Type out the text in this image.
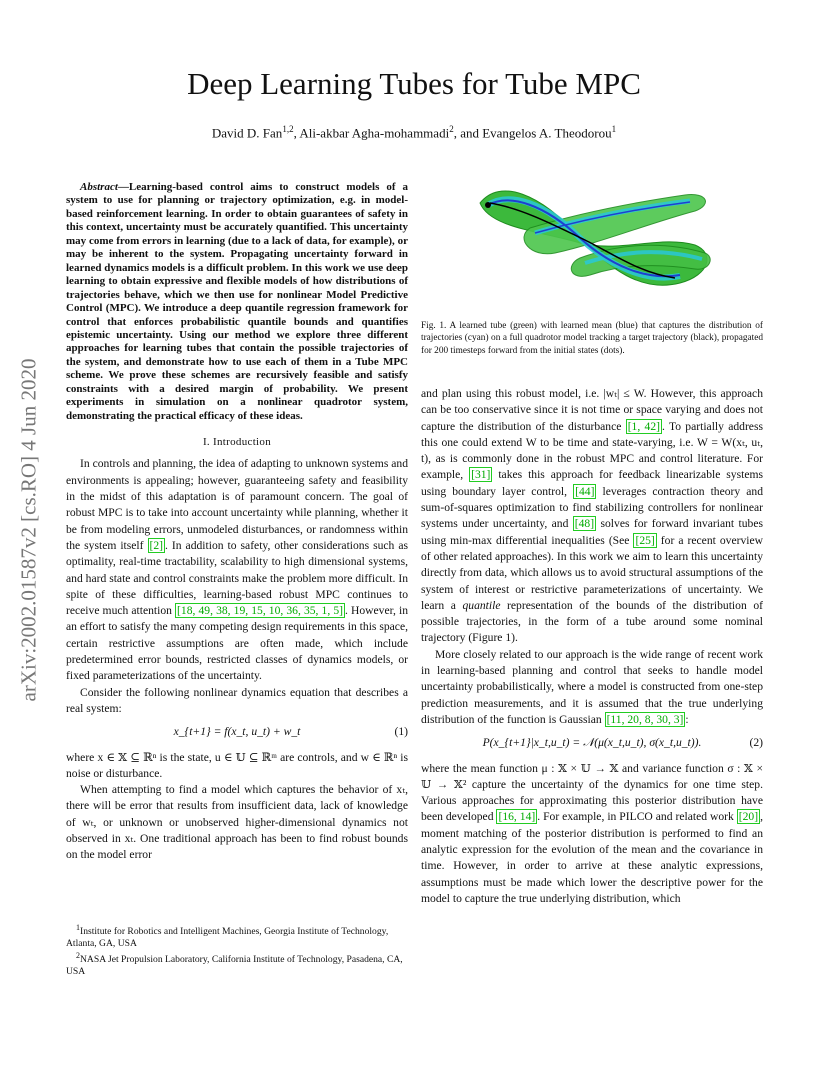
Deep Learning Tubes for Tube MPC
David D. Fan$^{1,2}$, Ali-akbar Agha-mohammadi$^2$, and Evangelos A. Theodorou$^1$
arXiv:2002.01587v2 [cs.RO] 4 Jun 2020

Abstract—Learning-based control aims to construct models of a system to use for planning or trajectory optimization, e.g. in model-based reinforcement learning. In order to obtain guarantees of safety in this context, uncertainty must be accurately quantified. This uncertainty may come from errors in learning (due to a lack of data, for example), or may be inherent to the system. Propagating uncertainty forward in learned dynamics models is a difficult problem. In this work we use deep learning to obtain expressive and flexible models of how distributions of trajectories behave, which we then use for nonlinear Model Predictive Control (MPC). We introduce a deep quantile regression framework for control that enforces probabilistic quantile bounds and quantifies epistemic uncertainty. Using our method we explore three different approaches for learning tubes that contain the possible trajectories of the system, and demonstrate how to use each of them in a Tube MPC scheme. We prove these schemes are recursively feasible and satisfy constraints with a desired margin of probability. We present experiments in simulation on a nonlinear quadrotor system, demonstrating the practical efficacy of these ideas.

I. Introduction

In controls and planning, the idea of adapting to unknown systems and environments is appealing; however, guaranteeing safety and feasibility in the midst of this adaptation is of paramount concern. The goal of robust MPC is to take into account uncertainty while planning, whether it be from modeling errors, unmodeled disturbances, or randomness within the system itself [2] . In addition to safety, other considerations such as optimality, real-time tractability, scalability to high dimensional systems, and hard state and control constraints make the problem more difficult. In spite of these difficulties, learning-based robust MPC continues to receive much attention [18, 49, 38, 19, 15, 10, 36, 35, 1, 5] . However, in an effort to satisfy the many competing design requirements in this space, certain restrictive assumptions are often made, which include predetermined error bounds, restricted classes of dynamics models, or fixed parameterizations of the uncertainty.

Consider the following nonlinear dynamics equation that describes a real system:

x_{t+1} = f(x_t, u_t) + w_t	(1)

where x ∈ 𝕏 ⊆ ℝⁿ is the state, u ∈ 𝕌 ⊆ ℝᵐ are controls, and w ∈ ℝⁿ is noise or disturbance.

When attempting to find a model which captures the behavior of xₜ, there will be error that results from insufficient data, lack of knowledge of wₜ, or unknown or unobserved higher-dimensional dynamics not observed in xₜ. One traditional approach has been to find robust bounds on the model error

$^1$Institute for Robotics and Intelligent Machines, Georgia Institute of Technology, Atlanta, GA, USA

$^2$NASA Jet Propulsion Laboratory, California Institute of Technology, Pasadena, CA, USA

Fig. 1. A learned tube (green) with learned mean (blue) that captures the distribution of trajectories (cyan) on a full quadrotor model tracking a target trajectory (black), propagated for 200 timesteps forward from the initial states (dots).

and plan using this robust model, i.e. |wₜ| ≤ W. However, this approach can be too conservative since it is not time or space varying and does not capture the distribution of the disturbance [1, 42] . To partially address this one could extend W to be time and state-varying, i.e. W = W(xₜ, uₜ, t), as is commonly done in the robust MPC and control literature. For example, [31] takes this approach for feedback linearizable systems using boundary layer control, [44] leverages contraction theory and sum-of-squares optimization to find stabilizing controllers for nonlinear systems under uncertainty, and [48] solves for forward invariant tubes using min-max differential inequalities (See [25] for a recent overview of other related approaches). In this work we aim to learn this uncertainty directly from data, which allows us to avoid structural assumptions of the system of interest or restrictive parameterizations of uncertainty. We learn a quantile representation of the bounds of the distribution of possible trajectories, in the form of a tube around some nominal trajectory (Figure 1).

More closely related to our approach is the wide range of recent work in learning-based planning and control that seeks to handle model uncertainty probabilistically, where a model is constructed from one-step prediction measurements, and it is assumed that the true underlying distribution of the function is Gaussian [11, 20, 8, 30, 3] :

P(x_{t+1}|x_t,u_t) = 𝒩(μ(x_t,u_t), σ(x_t,u_t)).	(2)

where the mean function μ : 𝕏 × 𝕌 → 𝕏 and variance function σ : 𝕏 × 𝕌 → 𝕏² capture the uncertainty of the dynamics for one time step. Various approaches for approximating this posterior distribution have been developed [16, 14] . For example, in PILCO and related work [20] , moment matching of the posterior distribution is performed to find an analytic expression for the evolution of the mean and the covariance in time. However, in order to arrive at these analytic expressions, assumptions must be made which lower the descriptive power for the model to capture the true underlying distribution, which
